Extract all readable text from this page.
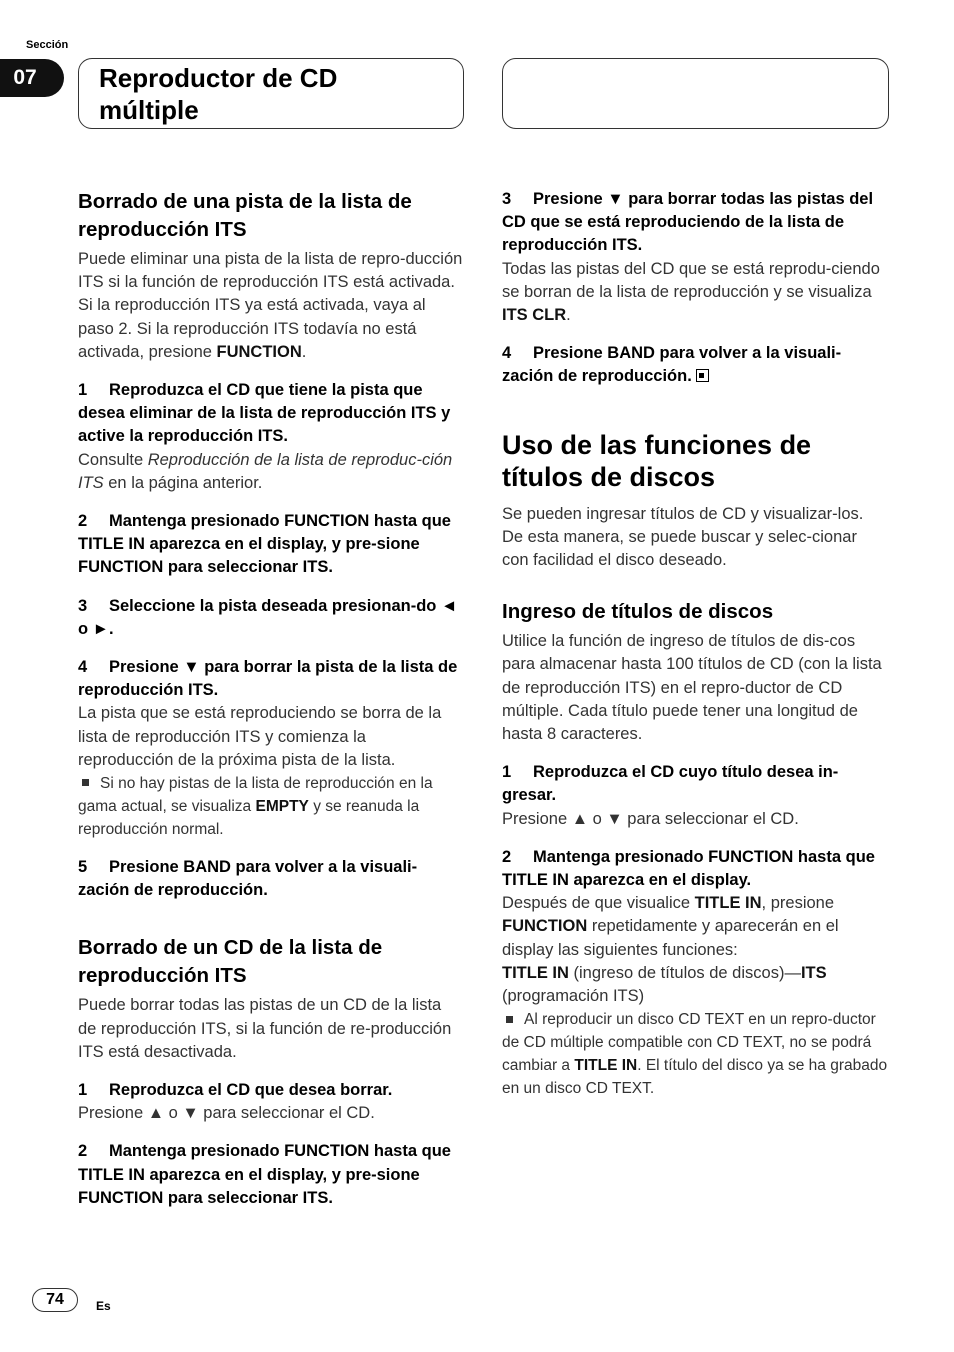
Sección
07 Reproductor de CD
múltiple
Borrado de una pista de la lista de reproducción ITS

Puede eliminar una pista de la lista de repro-ducción ITS si la función de reproducción ITS está activada.

Si la reproducción ITS ya está activada, vaya al paso 2. Si la reproducción ITS todavía no está activada, presione FUNCTION.

1 Reproduzca el CD que tiene la pista que desea eliminar de la lista de reproducción ITS y active la reproducción ITS.

Consulte Reproducción de la lista de reproduc-ción ITS en la página anterior.

2 Mantenga presionado FUNCTION hasta que TITLE IN aparezca en el display, y pre-sione FUNCTION para seleccionar ITS.

3 Seleccione la pista deseada presionan-do ◄ o ►.

4 Presione ▼ para borrar la pista de la lista de reproducción ITS.

La pista que se está reproduciendo se borra de la lista de reproducción ITS y comienza la reproducción de la próxima pista de la lista.

Si no hay pistas de la lista de reproducción en la gama actual, se visualiza EMPTY y se reanuda la reproducción normal.

5 Presione BAND para volver a la visuali-zación de reproducción.

Borrado de un CD de la lista de reproducción ITS

Puede borrar todas las pistas de un CD de la lista de reproducción ITS, si la función de re-producción ITS está desactivada.

1 Reproduzca el CD que desea borrar.

Presione ▲ o ▼ para seleccionar el CD.

2 Mantenga presionado FUNCTION hasta que TITLE IN aparezca en el display, y pre-sione FUNCTION para seleccionar ITS.

3 Presione ▼ para borrar todas las pistas del CD que se está reproduciendo de la lista de reproducción ITS.

Todas las pistas del CD que se está reprodu-ciendo se borran de la lista de reproducción y se visualiza ITS CLR.

4 Presione BAND para volver a la visuali-zación de reproducción.

Uso de las funciones de títulos de discos

Se pueden ingresar títulos de CD y visualizar-los. De esta manera, se puede buscar y selec-cionar con facilidad el disco deseado.

Ingreso de títulos de discos

Utilice la función de ingreso de títulos de dis-cos para almacenar hasta 100 títulos de CD (con la lista de reproducción ITS) en el repro-ductor de CD múltiple. Cada título puede tener una longitud de hasta 8 caracteres.

1 Reproduzca el CD cuyo título desea in-gresar.

Presione ▲ o ▼ para seleccionar el CD.

2 Mantenga presionado FUNCTION hasta que TITLE IN aparezca en el display.

Después de que visualice TITLE IN, presione FUNCTION repetidamente y aparecerán en el display las siguientes funciones:

TITLE IN (ingreso de títulos de discos)—ITS (programación ITS)

Al reproducir un disco CD TEXT en un repro-ductor de CD múltiple compatible con CD TEXT, no se podrá cambiar a TITLE IN. El título del disco ya se ha grabado en un disco CD TEXT.

74	Es
